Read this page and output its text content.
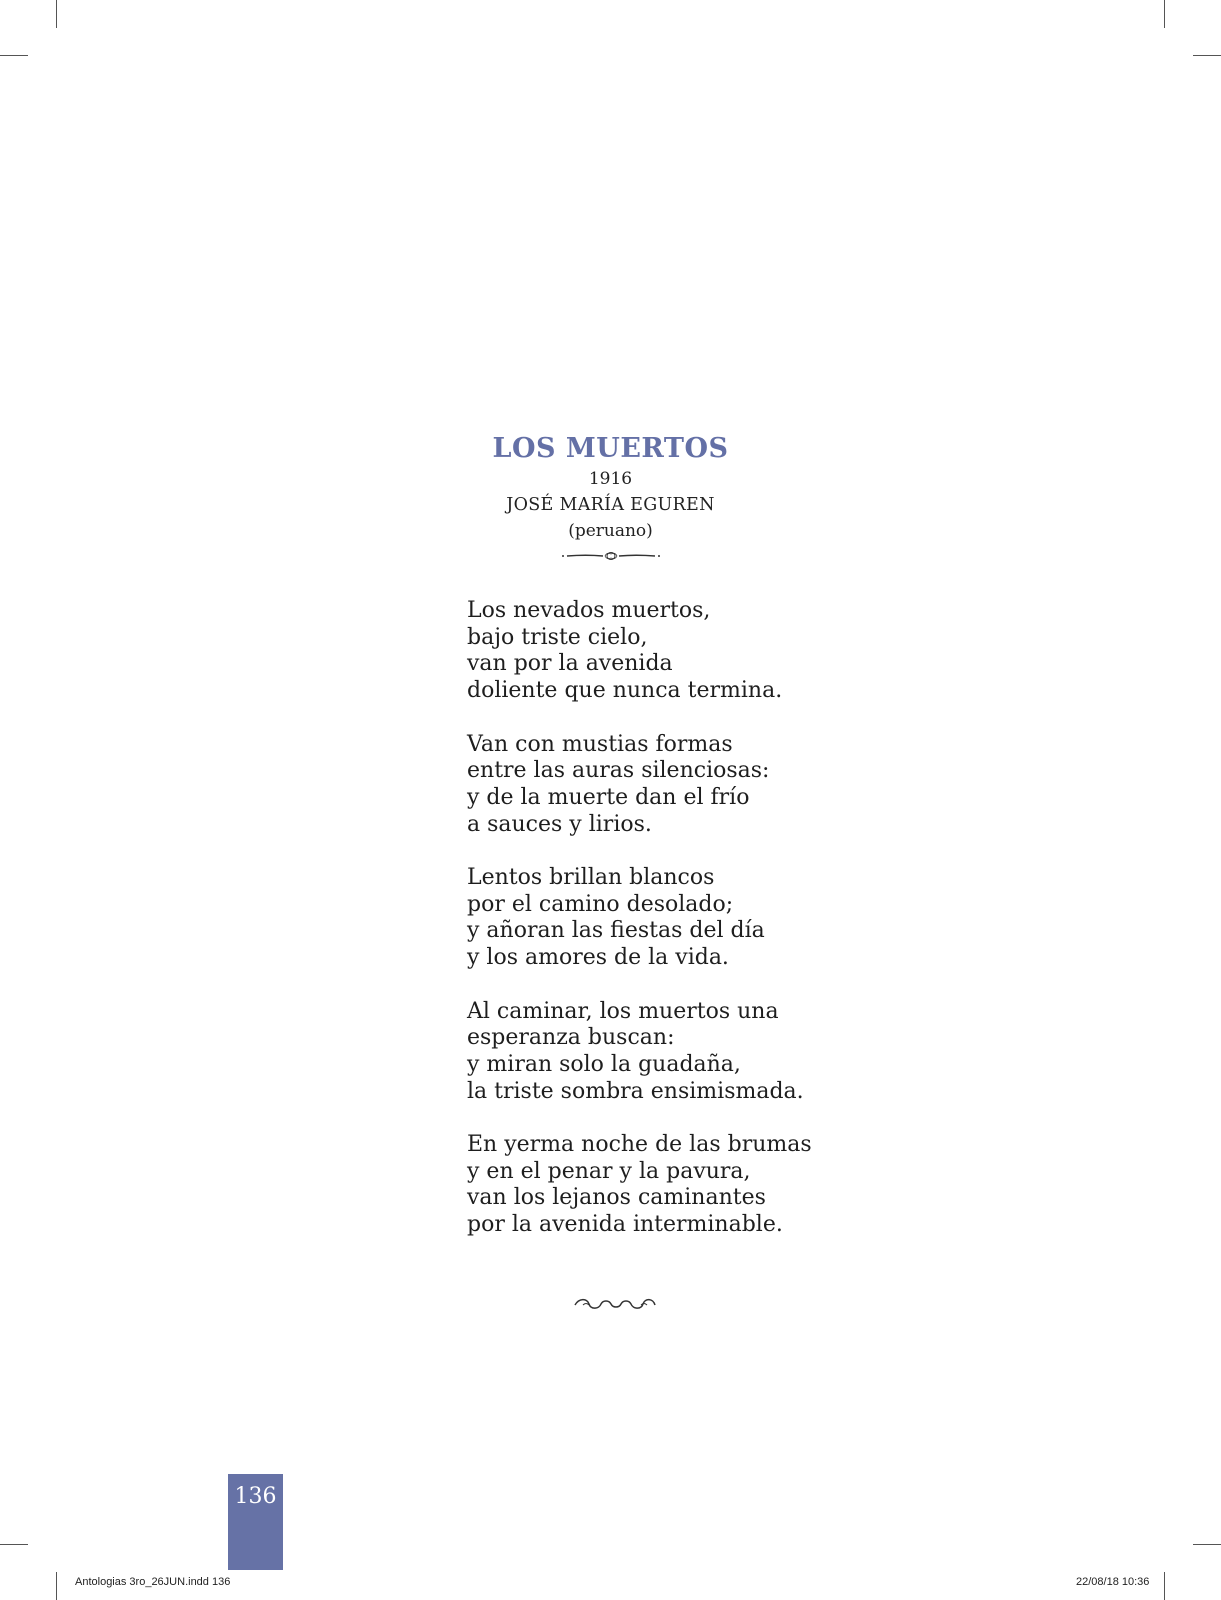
LOS MUERTOS
1916
JOSÉ MARÍA EGUREN
(peruano)
Los nevados muertos,
bajo triste cielo,
van por la avenida
doliente que nunca termina.
Van con mustias formas
entre las auras silenciosas:
y de la muerte dan el frío
a sauces y lirios.
Lentos brillan blancos
por el camino desolado;
y añoran las fiestas del día
y los amores de la vida.
Al caminar, los muertos una
esperanza buscan:
y miran solo la guadaña,
la triste sombra ensimismada.
En yerma noche de las brumas
y en el penar y la pavura,
van los lejanos caminantes
por la avenida interminable.
136
Antologias 3ro_26JUN.indd 136	22/08/18 10:36
